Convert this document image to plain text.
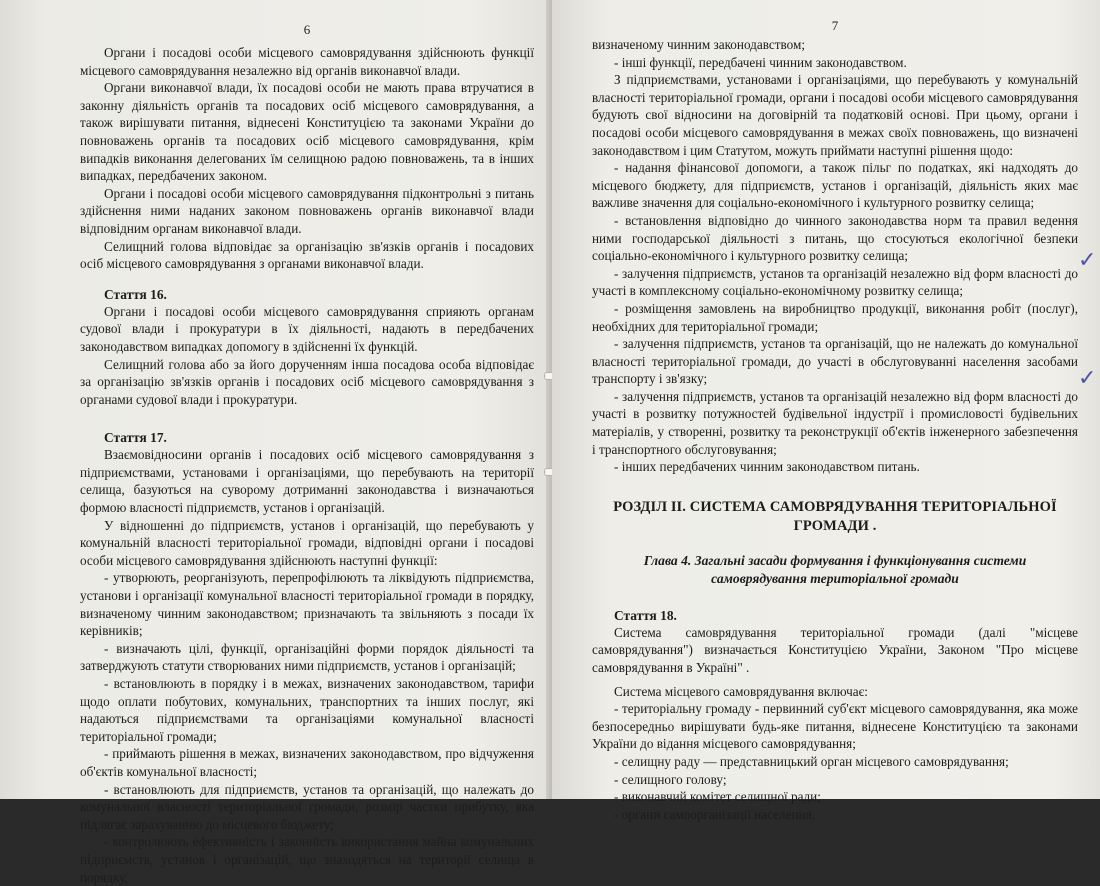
6

Органи і посадові особи місцевого самоврядування здійснюють функції місцевого самоврядування незалежно від органів виконавчої влади.

Органи виконавчої влади, їх посадові особи не мають права втручатися в законну діяльність органів та посадових осіб місцевого самоврядування, а також вирішувати питання, віднесені Конституцією та законами України до повноважень органів та посадових осіб місцевого самоврядування, крім випадків виконання делегованих їм селищною радою повноважень, та в інших випадках, передбачених законом.

Органи і посадові особи місцевого самоврядування підконтрольні з питань здійснення ними наданих законом повноважень органів виконавчої влади відповідним органам виконавчої влади.

Селищний голова відповідає за організацію зв'язків органів і посадових осіб місцевого самоврядування з органами виконавчої влади.

Стаття 16.

Органи і посадові особи місцевого самоврядування сприяють органам судової влади і прокуратури в їх діяльності, надають в передбачених законодавством випадках допомогу в здійсненні їх функцій.

Селищний голова або за його дорученням інша посадова особа відповідає за організацію зв'язків органів і посадових осіб місцевого самоврядування з органами судової влади і прокуратури.

Стаття 17.

Взаємовідносини органів і посадових осіб місцевого самоврядування з підприємствами, установами і організаціями, що перебувають на території селища, базуються на суворому дотриманні законодавства і визначаються формою власності підприємств, установ і організацій.

У відношенні до підприємств, установ і організацій, що перебувають у комунальній власності територіальної громади, відповідні органи і посадові особи місцевого самоврядування здійснюють наступні функції:

- утворюють, реорганізують, перепрофілюють та ліквідують підприємства, установи і організації комунальної власності територіальної громади в порядку, визначеному чинним законодавством; призначають та звільняють з посади їх керівників;

- визначають цілі, функції, організаційні форми порядок діяльності та затверджують статути створюваних ними підприємств, установ і організацій;

- встановлюють в порядку і в межах, визначених законодавством, тарифи щодо оплати побутових, комунальних, транспортних та інших послуг, які надаються підприємствами та організаціями комунальної власності територіальної громади;

- приймають рішення в межах, визначених законодавством, про відчуження об'єктів комунальної власності;

- встановлюють для підприємств, установ та організацій, що належать до комунальної власності територіальної громади, розмір частки прибутку, яка підлягає зарахуванню до місцевого бюджету;

- контролюють ефективність і законність використання майна комунальних підприємств, установ і організацій, що знаходяться на території селища в порядку,

7

визначеному чинним законодавством;

- інші функції, передбачені чинним законодавством.

З підприємствами, установами і організаціями, що перебувають у комунальній власності територіальної громади, органи і посадові особи місцевого самоврядування будують свої відносини на договірній та податковій основі. При цьому, органи і посадові особи місцевого самоврядування в межах своїх повноважень, що визначені законодавством і цим Статутом, можуть приймати наступні рішення щодо:

- надання фінансової допомоги, а також пільг по податках, які надходять до місцевого бюджету, для підприємств, установ і організацій, діяльність яких має важливе значення для соціально-економічного і культурного розвитку селища;

- встановлення відповідно до чинного законодавства норм та правил ведення ними господарської діяльності з питань, що стосуються екологічної безпеки соціально-економічного і культурного розвитку селища;

- залучення підприємств, установ та організацій незалежно від форм власності до участі в комплексному соціально-економічному розвитку селища;

- розміщення замовлень на виробництво продукції, виконання робіт (послуг), необхідних для територіальної громади;

- залучення підприємств, установ та організацій, що не належать до комунальної власності територіальної громади, до участі в обслуговуванні населення засобами транспорту і зв'язку;

- залучення підприємств, установ та організацій незалежно від форм власності до участі в розвитку потужностей будівельної індустрії і промисловості будівельних матеріалів, у створенні, розвитку та реконструкції об'єктів інженерного забезпечення і транспортного обслуговування;

- інших передбачених чинним законодавством питань.

РОЗДІЛ ІІ. СИСТЕМА САМОВРЯДУВАННЯ ТЕРИТОРІАЛЬНОЇ ГРОМАДИ .
Глава 4. Загальні засади формування і функціонування системи самоврядування територіальної громади
Стаття 18.

Система самоврядування територіальної громади (далі "місцеве самоврядування") визначається Конституцією України, Законом "Про місцеве самоврядування в Україні" .

Система місцевого самоврядування включає:

- територіальну громаду - первинний суб'єкт місцевого самоврядування, яка може безпосередньо вирішувати будь-яке питання, віднесене Конституцією та законами України до відання місцевого самоврядування;

- селищну раду — представницький орган місцевого самоврядування;

- селищного голову;

- виконавчий комітет селищної ради;

- органи самоорганізації населення.

✓
✓
